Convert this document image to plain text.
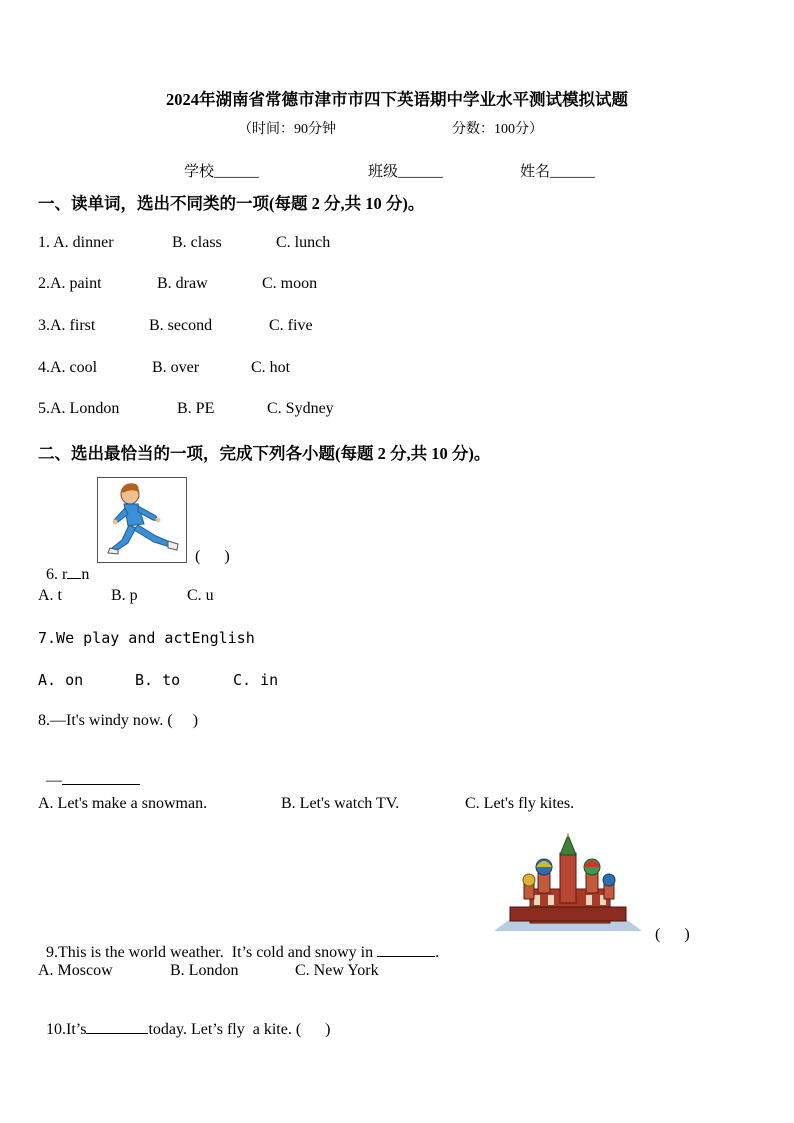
2024年湖南省常德市津市市四下英语期中学业水平测试模拟试题
（时间：90分钟	分数：100分）
学校______	班级______	姓名______
一、读单词，选出不同类的一项(每题 2 分,共 10 分)。
1. A. dinner	B. class	C. lunch
2.A. paint	B. draw	C. moon
3.A. first	B. second	C. five
4.A. cool	B. over	C. hot
5.A. London	B. PE	C. Sydney
二、选出最恰当的一项，完成下列各小题(每题 2 分,共 10 分)。

6. r n

(      )
A. t	B. p	C. u
7.We play and actEnglish
A. on	B. to	C. in
8.—It's windy now. (     )

—

A. Let's make a snowman.	B. Let's watch TV.	C. Let's fly kites.

9.This is the world weather.  It’s cold and snowy in	.

(      )
A. Moscow	B. London	C. New York

10.It’s	today. Let’s fly  a kite. (      )
